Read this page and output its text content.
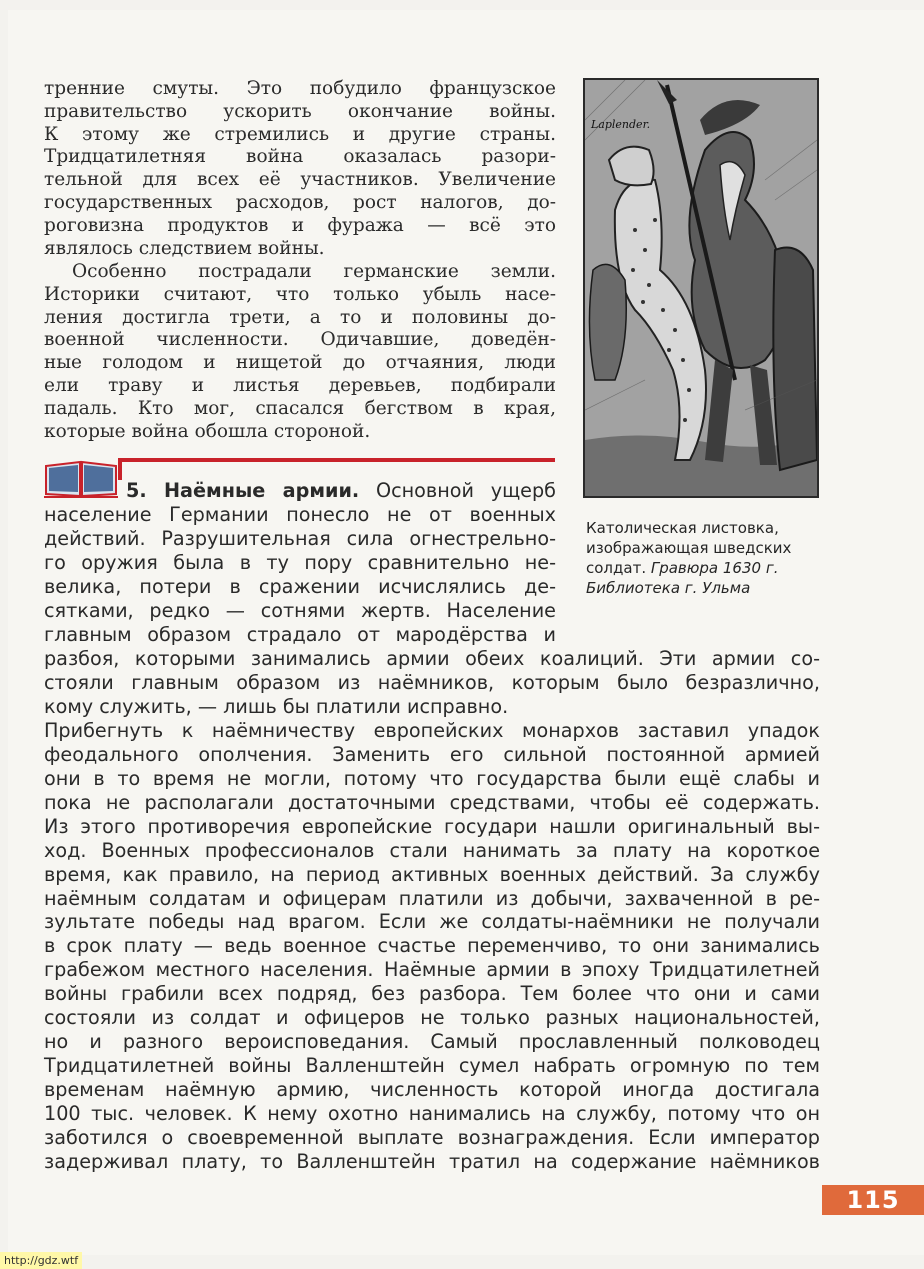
тренние смуты. Это побудило французское
правительство ускорить окончание войны.
К этому же стремились и другие страны.
Тридцатилетняя война оказалась разори-
тельной для всех её участников. Увеличение
государственных расходов, рост налогов, до-
роговизна продуктов и фуража — всё это
являлось следствием войны.

Особенно пострадали германские земли.
Историки считают, что только убыль насе-
ления достигла трети, а то и половины до-
военной численности. Одичавшие, доведён-
ные голодом и нищетой до отчаяния, люди
ели траву и листья деревьев, подбирали
падаль. Кто мог, спасался бегством в края,
которые война обошла стороной.

Laplender.
Католическая листовка,
изображающая шведских
солдат. Гравюра 1630 г.
Библиотека г. Ульма
5. Наёмные армии. Основной ущерб
население Германии понесло не от военных
действий. Разрушительная сила огнестрельно-
го оружия была в ту пору сравнительно не-
велика, потери в сражении исчислялись де-
сятками, редко — сотнями жертв. Население
главным образом страдало от мародёрства и
разбоя, которыми занимались армии обеих коалиций. Эти армии со-
стояли главным образом из наёмников, которым было безразлично,
кому служить, — лишь бы платили исправно.
Прибегнуть к наёмничеству европейских монархов заставил упадок
феодального ополчения. Заменить его сильной постоянной армией
они в то время не могли, потому что государства были ещё слабы и
пока не располагали достаточными средствами, чтобы её содержать.
Из этого противоречия европейские государи нашли оригинальный вы-
ход. Военных профессионалов стали нанимать за плату на короткое
время, как правило, на период активных военных действий. За службу
наёмным солдатам и офицерам платили из добычи, захваченной в ре-
зультате победы над врагом. Если же солдаты-наёмники не получали
в срок плату — ведь военное счастье переменчиво, то они занимались
грабежом местного населения. Наёмные армии в эпоху Тридцатилетней
войны грабили всех подряд, без разбора. Тем более что они и сами
состояли из солдат и офицеров не только разных национальностей,
но и разного вероисповедания. Самый прославленный полководец
Тридцатилетней войны Валленштейн сумел набрать огромную по тем
временам наёмную армию, численность которой иногда достигала
100 тыс. человек. К нему охотно нанимались на службу, потому что он
заботился о своевременной выплате вознаграждения. Если император
задерживал плату, то Валленштейн тратил на содержание наёмников
115
http://gdz.wtf
